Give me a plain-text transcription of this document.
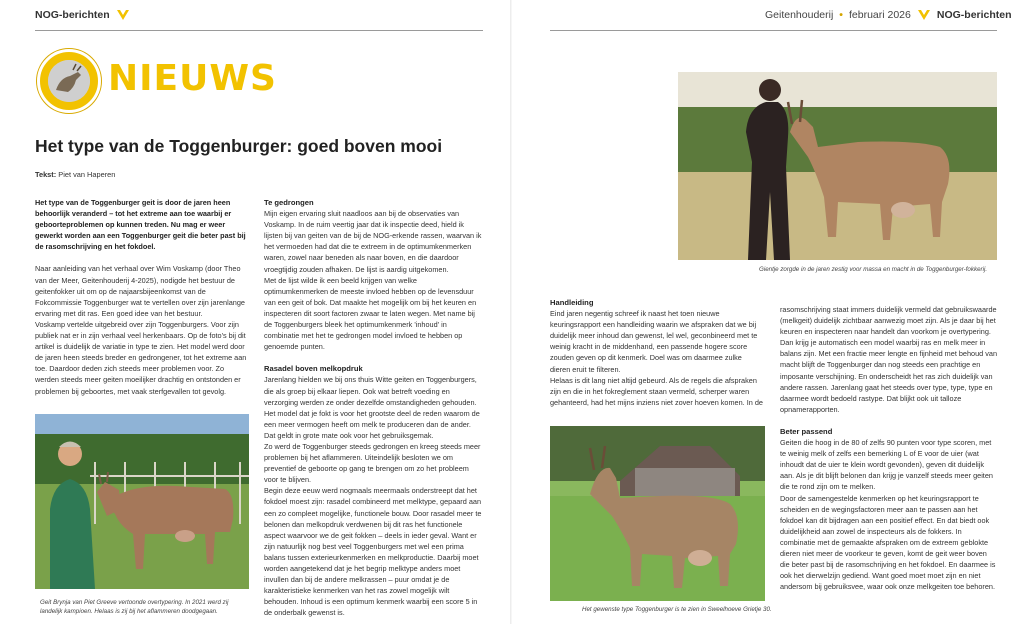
NOG-berichten
NIEUWS
Het type van de Toggenburger: goed boven mooi
Tekst: Piet van Haperen

Het type van de Toggenburger geit is door de jaren heen behoorlijk veranderd – tot het extreme aan toe waarbij er geboorteproblemen op kunnen treden. Nu mag er weer gewerkt worden aan een Toggenburger geit die beter past bij de rasomschrijving en het fokdoel.

Naar aanleiding van het verhaal over Wim Voskamp (door Theo van der Meer, Geitenhouderij 4-2025), nodigde het bestuur de geitenfokker uit om op de najaarsbijeenkomst van de Fokcommissie Toggenburger wat te vertellen over zijn jarenlange ervaring met dit ras. Een goed idee van het bestuur.

Voskamp vertelde uitgebreid over zijn Toggenburgers. Voor zijn publiek nat er in zijn verhaal veel herkenbaars. Op de foto's bij dit artikel is duidelijk de variatie in type te zien. Het model werd door de jaren heen steeds breder en gedrongener, tot het extreme aan toe. Daardoor deden zich steeds meer problemen voor. Zo werden steeds meer geiten moeilijker drachtig en ontstonden er problemen bij geboortes, met vaak sterfgevallen tot gevolg.

Geit Brynja van Piet Greeve vertoonde overtypering. In 2021 werd zij landelijk kampioen. Helaas is zij bij het aflammeren doodgegaan.
Te gedrongen

Mijn eigen ervaring sluit naadloos aan bij de observaties van Voskamp. In de ruim veertig jaar dat ik inspectie deed, hield ik lijsten bij van geiten van de bij de NOG-erkende rassen, waarvan ik het vermoeden had dat die te extreem in de optimumkenmerken waren, zowel naar beneden als naar boven, en die daardoor vroegtijdig zouden afhaken. De lijst is aardig uitgekomen.

Met de lijst wilde ik een beeld krijgen van welke optimumkenmerken de meeste invloed hebben op de levensduur van een geit of bok. Dat maakte het mogelijk om bij het keuren en inspecteren dit soort factoren zwaar te laten wegen. Met name bij de Toggenburgers bleek het optimumkenmerk 'inhoud' in combinatie met het te gedrongen model invloed te hebben op genoemde punten.

Rasadel boven melkopdruk

Jarenlang hielden we bij ons thuis Witte geiten en Toggenburgers, die als groep bij elkaar liepen. Ook wat betreft voeding en verzorging werden ze onder dezelfde omstandigheden gehouden. Het model dat je fokt is voor het grootste deel de reden waarom de een meer vermogen heeft om melk te produceren dan de ander. Dat geldt in grote mate ook voor het gebruiksgemak.

Zo werd de Toggenburger steeds gedrongen en kreeg steeds meer problemen bij het aflammeren. Uiteindelijk besloten we om preventief de geboorte op gang te brengen om zo het probleem voor te blijven.

Begin deze eeuw werd nogmaals meermaals onderstreept dat het fokdoel moest zijn: rasadel combineerd met melktype, gepaard aan een zo compleet mogelijke, functionele bouw. Door rasadel meer te belonen dan melkopdruk verdwenen bij dit ras het functionele aspect waarvoor we de geit fokken – deels in ieder geval. Want er zijn natuurlijk nog best veel Toggenburgers met wel een prima balans tussen exterieurkenmerken en melkproductie. Daarbij moet worden aangetekend dat je het begrip melktype anders moet invullen dan bij de andere melkrassen – puur omdat je de karakteristieke kenmerken van het ras zowel mogelijk wilt behouden. Inhoud is een optimum kenmerk waarbij een score 5 in de onderbalk gewenst is.

Geitenhouderij • februari 2026 NOG-berichten
Gientje zorgde in de jaren zestig voor massa en macht in de Toggenburger-fokkerij.
Handleiding

Eind jaren negentig schreef ik naast het toen nieuwe keuringsrapport een handleiding waarin we afspraken dat we bij duidelijk meer inhoud dan gewenst, lel wel, geconbineerd met te weinig kracht in de middenhand, een passende hogere score zouden geven op dit kenmerk. Doel was om daarmee zulke dieren eruit te filteren.

Helaas is dit lang niet altijd gebeurd. Als de regels die afspraken zijn en die in het fokreglement staan vermeld, scherper waren gehanteerd, had het mijns inziens niet zover hoeven komen. In de

Het gewenste type Toggenburger is te zien in Sweelhoeve Grietje 30.

rasomschrijving staat immers duidelijk vermeld dat gebruikswaarde (melkgeit) duidelijk zichtbaar aanwezig moet zijn. Als je daar bij het keuren en inspecteren naar handelt dan voorkom je overtypering. Dan krijg je automatisch een model waarbij ras en melk meer in balans zijn. Met een fractie meer lengte en fijnheid met behoud van macht blijft de Toggenburger dan nog steeds een prachtige en imposante verschijning. En onderscheidt het ras zich duidelijk van andere rassen. Jarenlang gaat het steeds over type, type, type en daarmee wordt bedoeld rastype. Dat blijkt ook uit talloze opnamerapporten.

Beter passend

Geiten die hoog in de 80 of zelfs 90 punten voor type scoren, met te weinig melk of zelfs een bemerking L of E voor de uier (wat inhoudt dat de uier te klein wordt gevonden), geven dit duidelijk aan. Als je dit blijft belonen dan krijg je vanzelf steeds meer geiten die te rond zijn om te melken.

Door de samengestelde kenmerken op het keuringsrapport te scheiden en de wegingsfactoren meer aan te passen aan het fokdoel kan dit bijdragen aan een positief effect. En dat biedt ook duidelijkheid aan zowel de inspecteurs als de fokkers. In combinatie met de gemaakte afspraken om de extreem geblokte dieren niet meer de voorkeur te geven, komt de geit weer boven die beter past bij de rasomschrijving en het fokdoel. En daarmee is ook het dierwelzijn gediend. Want goed moet moet zijn en niet andersom bij gebruiksvee, waar ook onze melkgeiten toe behoren.
